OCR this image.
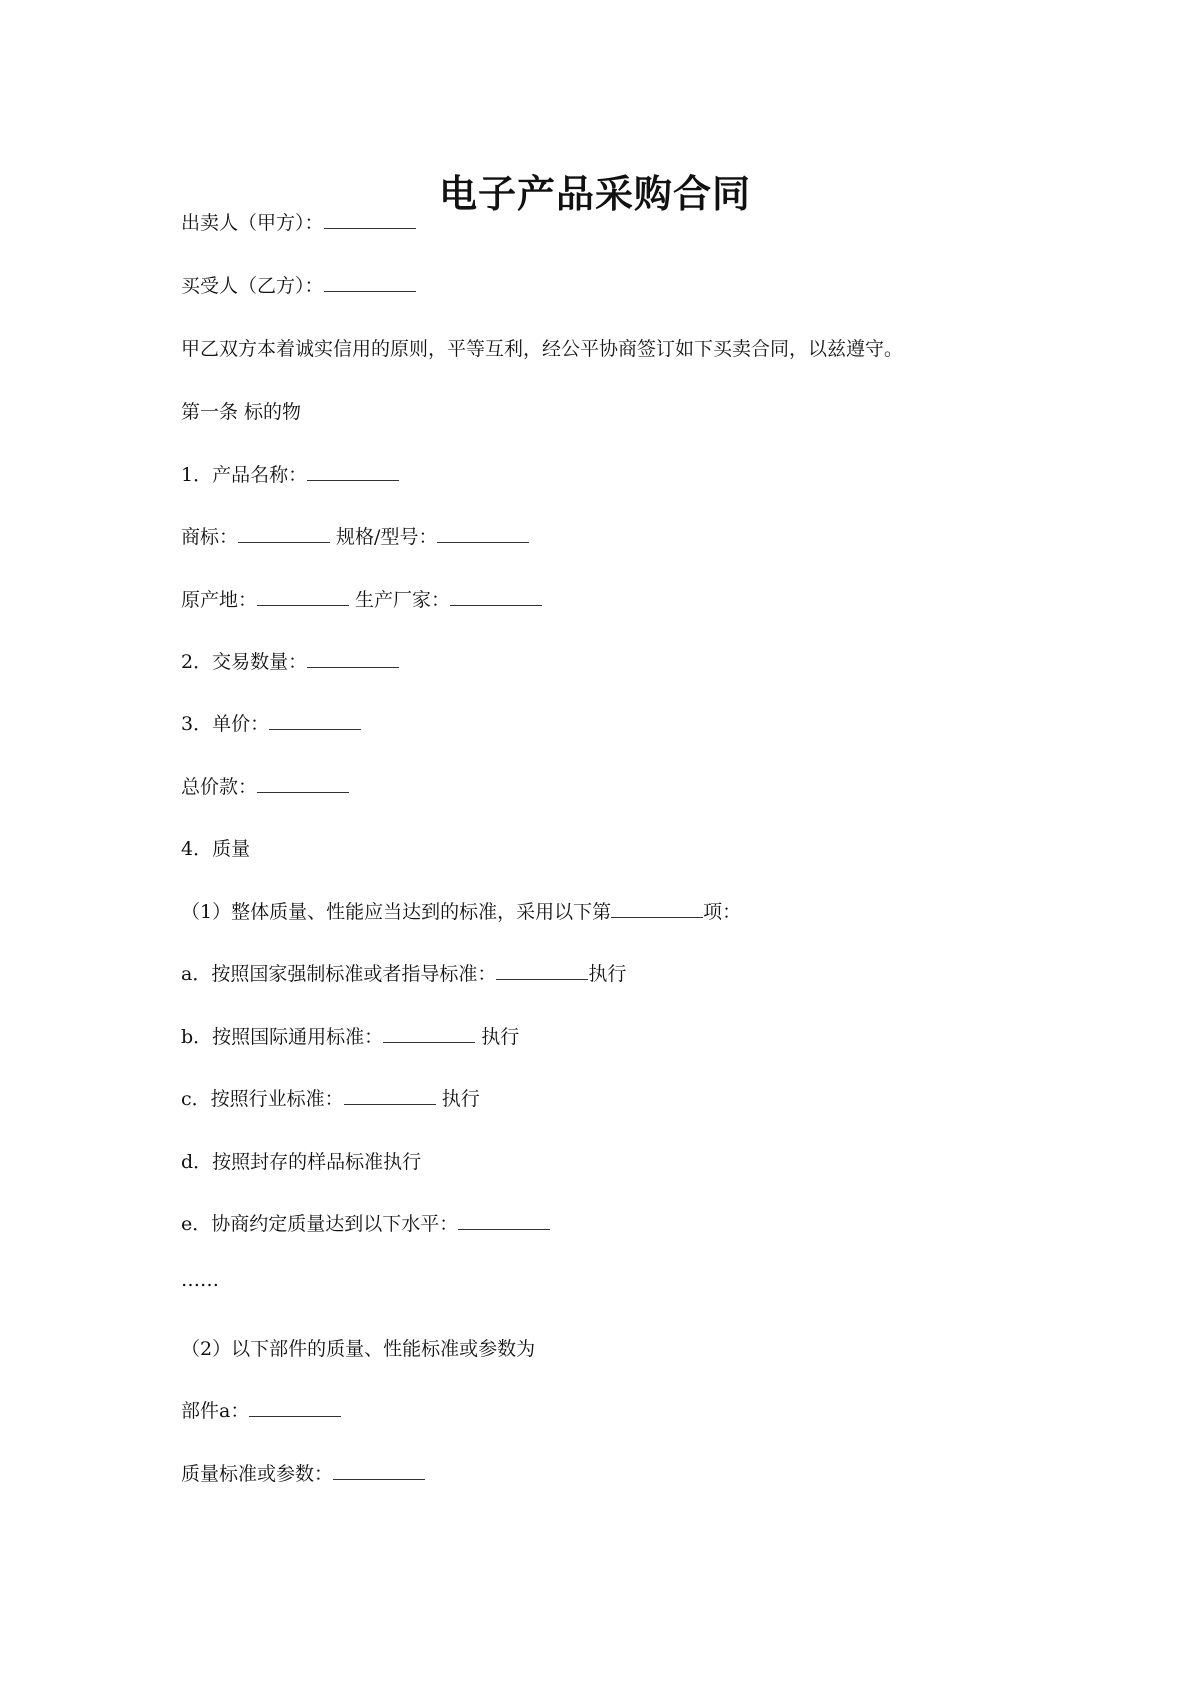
电子产品采购合同
出卖人（甲方）：
买受人（乙方）：
甲乙双方本着诚实信用的原则，平等互利，经公平协商签订如下买卖合同，以兹遵守。
第一条 标的物
1．产品名称：
商标：	规格/型号：
原产地：	生产厂家：
2．交易数量：
3．单价：
总价款：
4．质量
（1）整体质量、性能应当达到的标准，采用以下第	项：
a．按照国家强制标准或者指导标准：	执行
b．按照国际通用标准：	执行
c．按照行业标准：	执行
d．按照封存的样品标准执行
e．协商约定质量达到以下水平：
……
（2）以下部件的质量、性能标准或参数为
部件a：
质量标准或参数：
